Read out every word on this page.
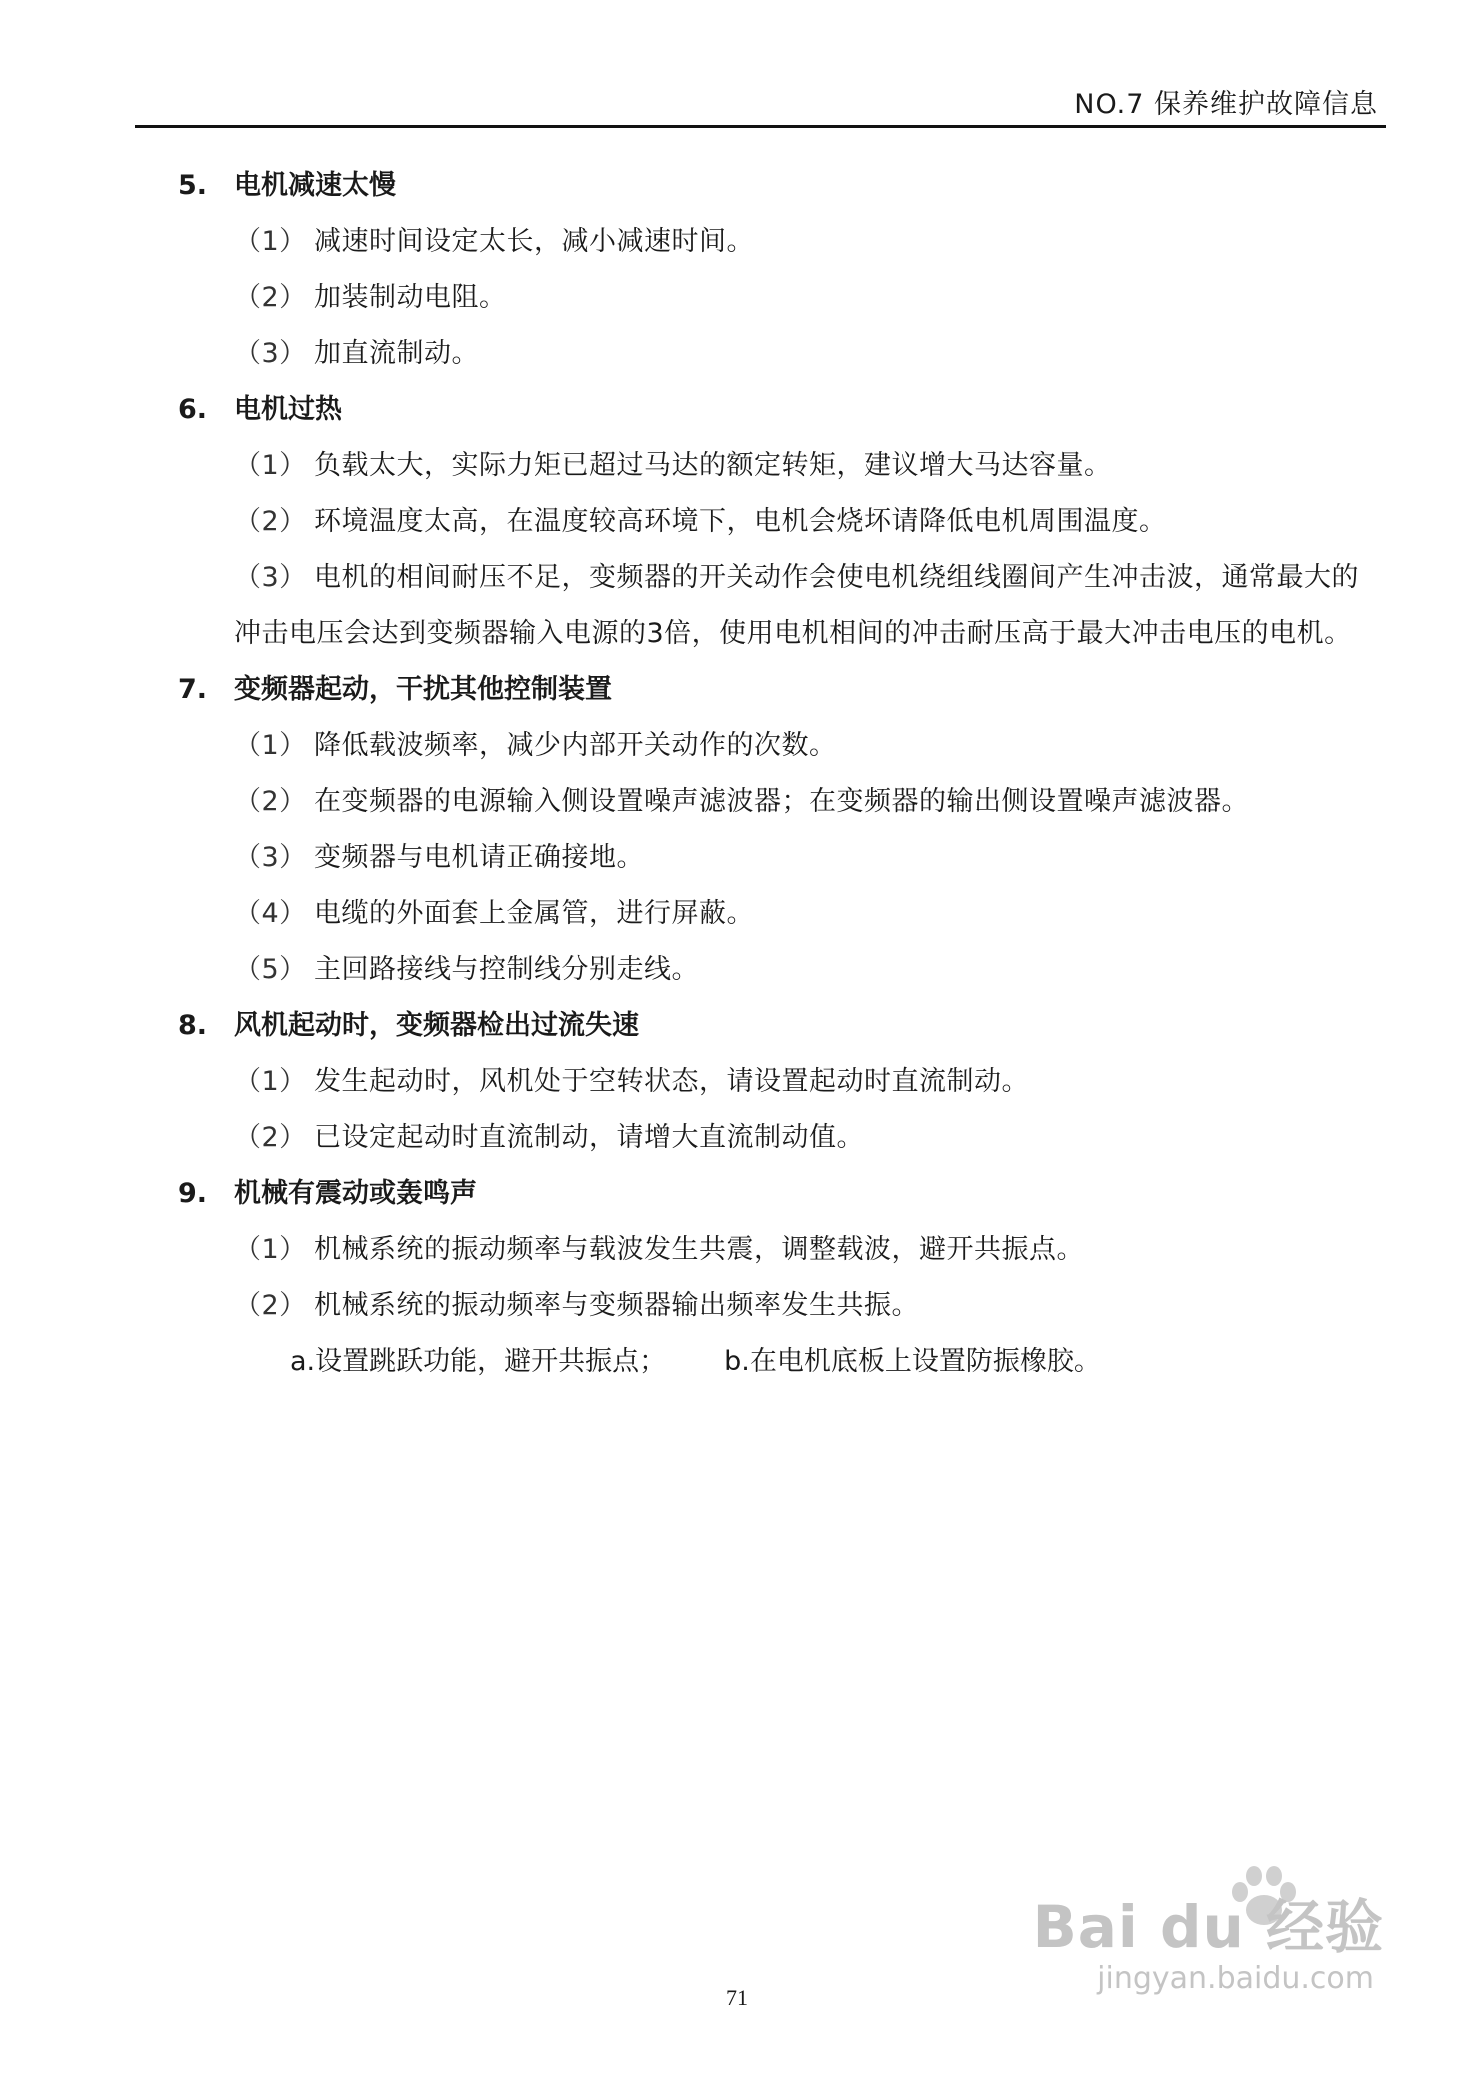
NO.7 保养维护故障信息
5. 电机减速太慢
（1） 减速时间设定太长，减小减速时间。
（2） 加装制动电阻。
（3） 加直流制动。
6. 电机过热
（1） 负载太大，实际力矩已超过马达的额定转矩，建议增大马达容量。
（2） 环境温度太高，在温度较高环境下，电机会烧坏请降低电机周围温度。
（3） 电机的相间耐压不足，变频器的开关动作会使电机绕组线圈间产生冲击波，通常最大的冲击电压会达到变频器输入电源的3倍，使用电机相间的冲击耐压高于最大冲击电压的电机。
7. 变频器起动，干扰其他控制装置
（1） 降低载波频率，减少内部开关动作的次数。
（2） 在变频器的电源输入侧设置噪声滤波器；在变频器的输出侧设置噪声滤波器。
（3） 变频器与电机请正确接地。
（4） 电缆的外面套上金属管，进行屏蔽。
（5） 主回路接线与控制线分别走线。
8. 风机起动时，变频器检出过流失速
（1） 发生起动时，风机处于空转状态，请设置起动时直流制动。
（2） 已设定起动时直流制动，请增大直流制动值。
9. 机械有震动或轰鸣声
（1） 机械系统的振动频率与载波发生共震，调整载波，避开共振点。
（2） 机械系统的振动频率与变频器输出频率发生共振。
a.设置跳跃功能，避开共振点； b.在电机底板上设置防振橡胶。
Bai du 经验
jingyan.baidu.com
71
